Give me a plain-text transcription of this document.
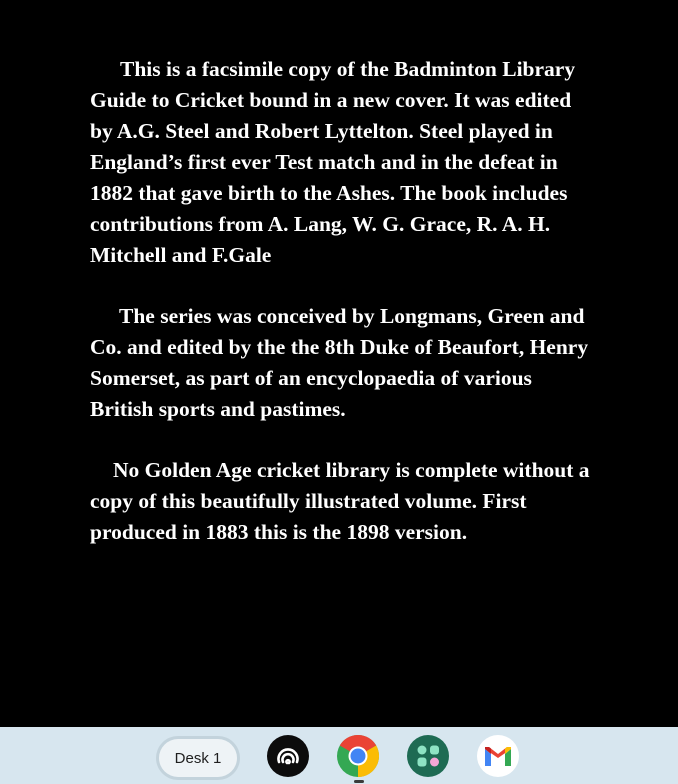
This is a facsimile copy of the Badminton Library Guide to Cricket bound in a new cover. It was edited by A.G. Steel and Robert Lyttelton. Steel played in England’s first ever Test match and in the defeat in 1882 that gave birth to the Ashes. The book includes contributions from A. Lang, W. G. Grace, R. A. H. Mitchell and F.Gale

The series was conceived by Longmans, Green and Co. and edited by the the 8th Duke of Beaufort, Henry Somerset, as part of an encyclopaedia of various British sports and pastimes.

No Golden Age cricket library is complete without a copy of this beautifully illustrated volume. First produced in 1883 this is the 1898 version.

Desk 1
